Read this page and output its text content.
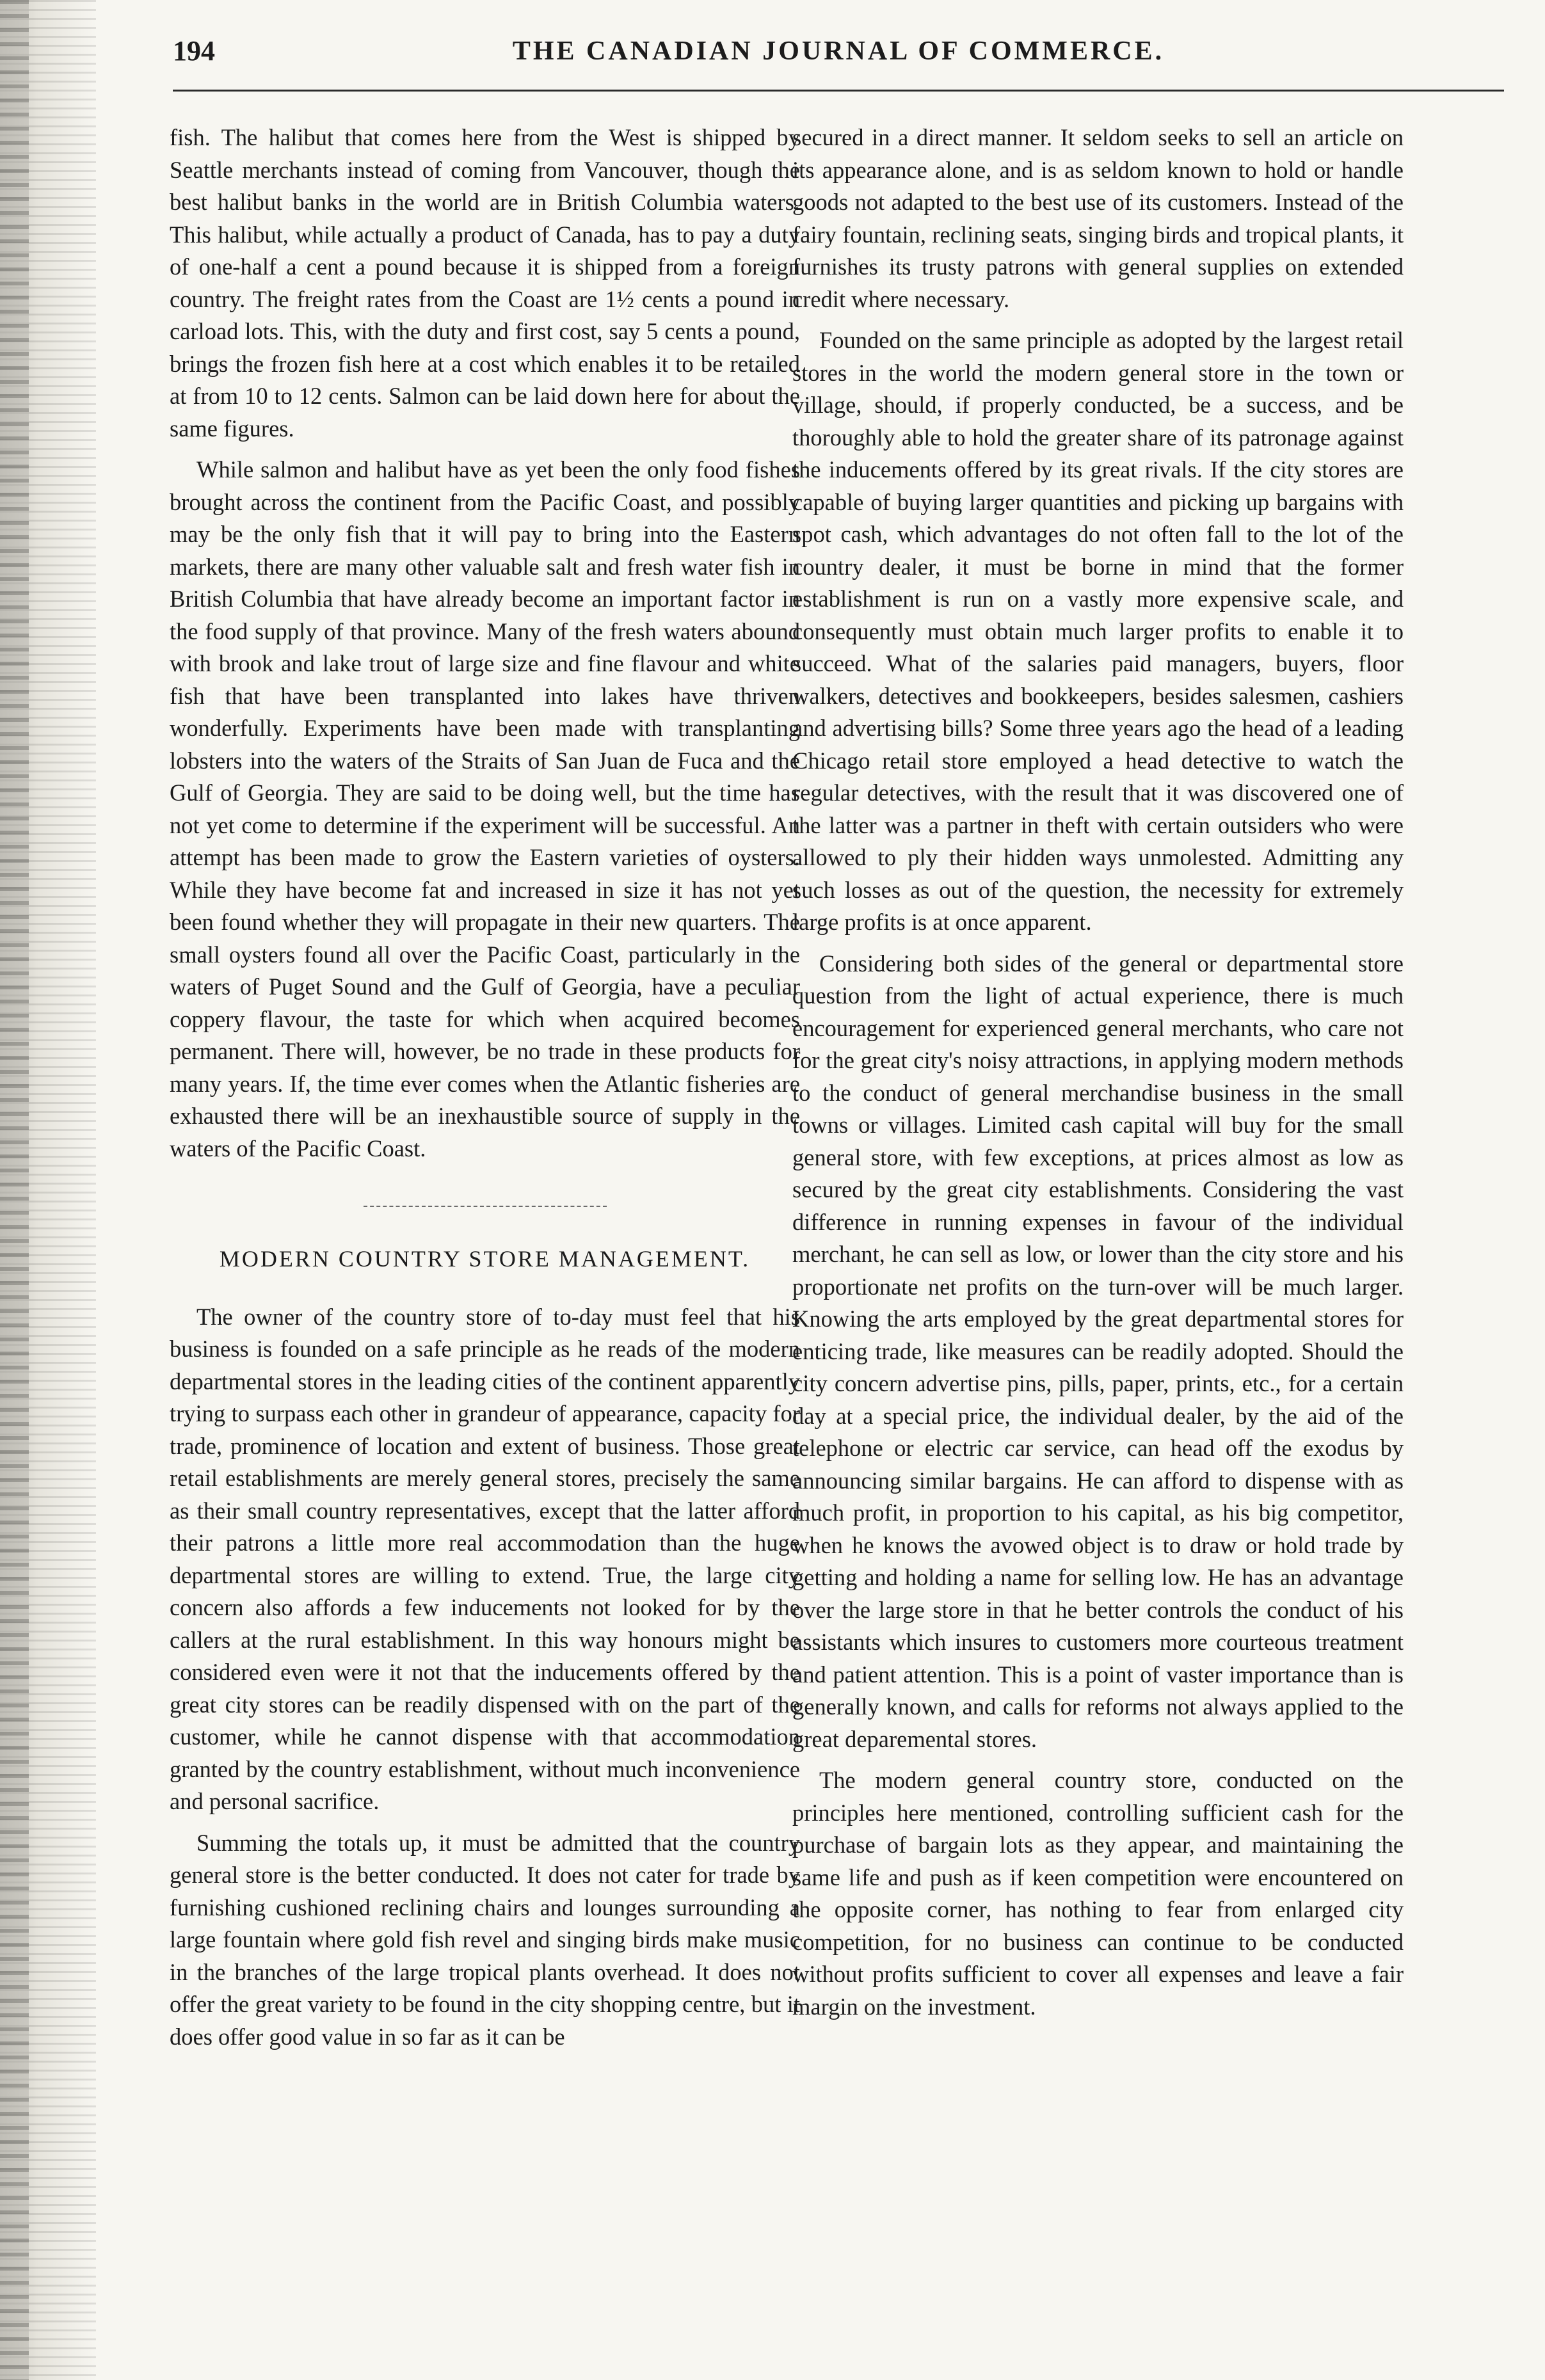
194	THE CANADIAN JOURNAL OF COMMERCE.

fish. The halibut that comes here from the West is shipped by Seattle merchants instead of coming from Vancouver, though the best halibut banks in the world are in British Columbia waters. This halibut, while actually a product of Canada, has to pay a duty of one-half a cent a pound because it is shipped from a foreign country. The freight rates from the Coast are 1½ cents a pound in carload lots. This, with the duty and first cost, say 5 cents a pound, brings the frozen fish here at a cost which enables it to be retailed at from 10 to 12 cents. Salmon can be laid down here for about the same figures.

While salmon and halibut have as yet been the only food fishes brought across the continent from the Pacific Coast, and possibly may be the only fish that it will pay to bring into the Eastern markets, there are many other valuable salt and fresh water fish in British Columbia that have already become an important factor in the food supply of that province. Many of the fresh waters abound with brook and lake trout of large size and fine flavour and white fish that have been transplanted into lakes have thriven wonderfully. Experiments have been made with transplanting lobsters into the waters of the Straits of San Juan de Fuca and the Gulf of Georgia. They are said to be doing well, but the time has not yet come to determine if the experiment will be successful. An attempt has been made to grow the Eastern varieties of oysters. While they have become fat and increased in size it has not yet been found whether they will propagate in their new quarters. The small oysters found all over the Pacific Coast, particularly in the waters of Puget Sound and the Gulf of Georgia, have a peculiar coppery flavour, the taste for which when acquired becomes permanent. There will, however, be no trade in these products for many years. If, the time ever comes when the Atlantic fisheries are exhausted there will be an inexhaustible source of supply in the waters of the Pacific Coast.

MODERN COUNTRY STORE MANAGEMENT.

The owner of the country store of to-day must feel that his business is founded on a safe principle as he reads of the modern departmental stores in the leading cities of the continent apparently trying to surpass each other in grandeur of appearance, capacity for trade, prominence of location and extent of business. Those great retail establishments are merely general stores, precisely the same as their small country representatives, except that the latter afford their patrons a little more real accommodation than the huge departmental stores are willing to extend. True, the large city concern also affords a few inducements not looked for by the callers at the rural establishment. In this way honours might be considered even were it not that the inducements offered by the great city stores can be readily dispensed with on the part of the customer, while he cannot dispense with that accommodation granted by the country establishment, without much inconvenience and personal sacrifice.

Summing the totals up, it must be admitted that the country general store is the better conducted. It does not cater for trade by furnishing cushioned reclining chairs and lounges surrounding a large fountain where gold fish revel and singing birds make music in the branches of the large tropical plants overhead. It does not offer the great variety to be found in the city shopping centre, but it does offer good value in so far as it can be

secured in a direct manner. It seldom seeks to sell an article on its appearance alone, and is as seldom known to hold or handle goods not adapted to the best use of its customers. Instead of the fairy fountain, reclining seats, singing birds and tropical plants, it furnishes its trusty patrons with general supplies on extended credit where necessary.

Founded on the same principle as adopted by the largest retail stores in the world the modern general store in the town or village, should, if properly conducted, be a success, and be thoroughly able to hold the greater share of its patronage against the inducements offered by its great rivals. If the city stores are capable of buying larger quantities and picking up bargains with spot cash, which advantages do not often fall to the lot of the country dealer, it must be borne in mind that the former establishment is run on a vastly more expensive scale, and consequently must obtain much larger profits to enable it to succeed. What of the salaries paid managers, buyers, floor walkers, detectives and bookkeepers, besides salesmen, cashiers and advertising bills? Some three years ago the head of a leading Chicago retail store employed a head detective to watch the regular detectives, with the result that it was discovered one of the latter was a partner in theft with certain outsiders who were allowed to ply their hidden ways unmolested. Admitting any such losses as out of the question, the necessity for extremely large profits is at once apparent.

Considering both sides of the general or departmental store question from the light of actual experience, there is much encouragement for experienced general merchants, who care not for the great city's noisy attractions, in applying modern methods to the conduct of general merchandise business in the small towns or villages. Limited cash capital will buy for the small general store, with few exceptions, at prices almost as low as secured by the great city establishments. Considering the vast difference in running expenses in favour of the individual merchant, he can sell as low, or lower than the city store and his proportionate net profits on the turn-over will be much larger. Knowing the arts employed by the great departmental stores for enticing trade, like measures can be readily adopted. Should the city concern advertise pins, pills, paper, prints, etc., for a certain day at a special price, the individual dealer, by the aid of the telephone or electric car service, can head off the exodus by announcing similar bargains. He can afford to dispense with as much profit, in proportion to his capital, as his big competitor, when he knows the avowed object is to draw or hold trade by getting and holding a name for selling low. He has an advantage over the large store in that he better controls the conduct of his assistants which insures to customers more courteous treatment and patient attention. This is a point of vaster importance than is generally known, and calls for reforms not always applied to the great deparemental stores.

The modern general country store, conducted on the principles here mentioned, controlling sufficient cash for the purchase of bargain lots as they appear, and maintaining the same life and push as if keen competition were encountered on the opposite corner, has nothing to fear from enlarged city competition, for no business can continue to be conducted without profits sufficient to cover all expenses and leave a fair margin on the investment.
